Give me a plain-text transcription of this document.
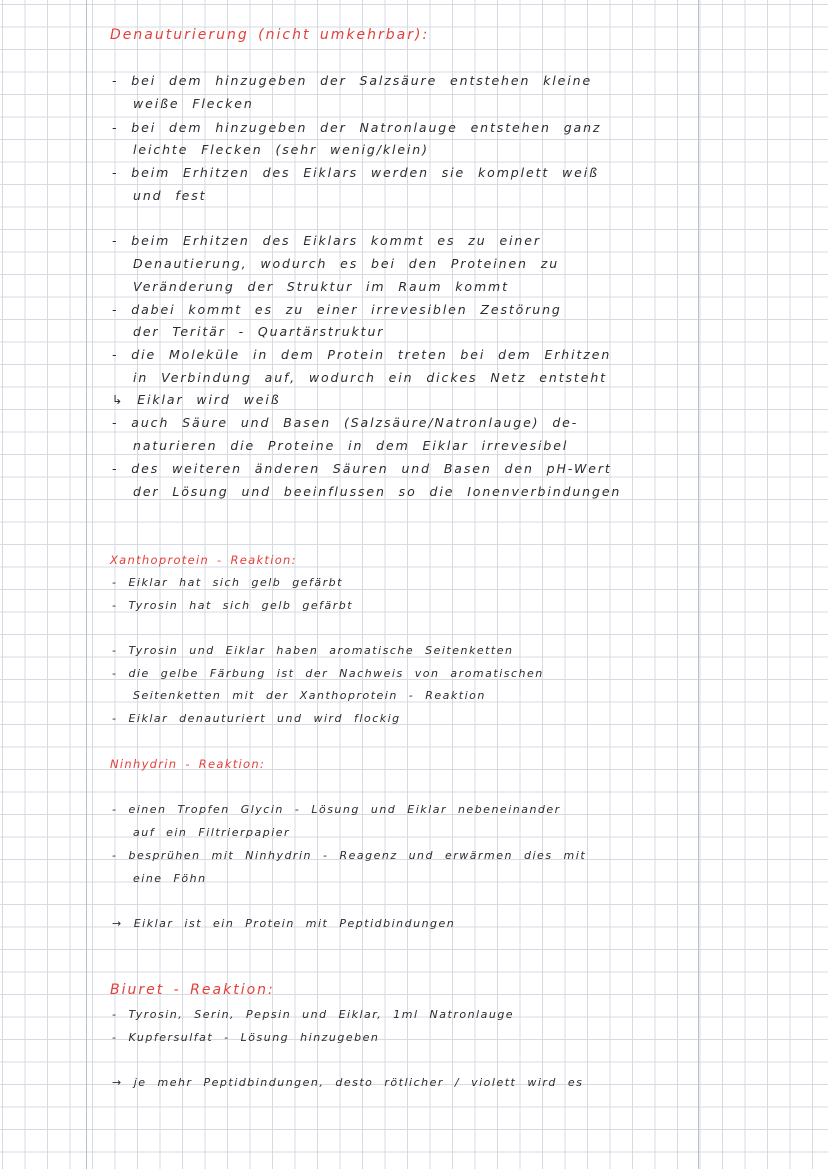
Denauturierung (nicht umkehrbar):
- bei dem hinzugeben der Salzsäure entstehen kleine
weiße Flecken
- bei dem hinzugeben der Natronlauge entstehen ganz
leichte Flecken (sehr wenig/klein)
- beim Erhitzen des Eiklars werden sie komplett weiß
und fest
- beim Erhitzen des Eiklars kommt es zu einer
Denautierung, wodurch es bei den Proteinen zu
Veränderung der Struktur im Raum kommt
- dabei kommt es zu einer irrevesiblen Zestörung
der Teritär - Quartärstruktur
- die Moleküle in dem Protein treten bei dem Erhitzen
in Verbindung auf, wodurch ein dickes Netz entsteht
↳ Eiklar wird weiß
- auch Säure und Basen (Salzsäure/Natronlauge) de-
naturieren die Proteine in dem Eiklar irrevesibel
- des weiteren änderen Säuren und Basen den pH-Wert
der Lösung und beeinflussen so die Ionenverbindungen
Xanthoprotein - Reaktion:
- Eiklar hat sich gelb gefärbt
- Tyrosin hat sich gelb gefärbt
- Tyrosin und Eiklar haben aromatische Seitenketten
- die gelbe Färbung ist der Nachweis von aromatischen
Seitenketten mit der Xanthoprotein - Reaktion
- Eiklar denauturiert und wird flockig
Ninhydrin - Reaktion:
- einen Tropfen Glycin - Lösung und Eiklar nebeneinander
auf ein Filtrierpapier
- besprühen mit Ninhydrin - Reagenz und erwärmen dies mit
eine Föhn
→ Eiklar ist ein Protein mit Peptidbindungen
Biuret - Reaktion:
- Tyrosin, Serin, Pepsin und Eiklar, 1ml Natronlauge
- Kupfersulfat - Lösung hinzugeben
→ je mehr Peptidbindungen, desto rötlicher / violett wird es
